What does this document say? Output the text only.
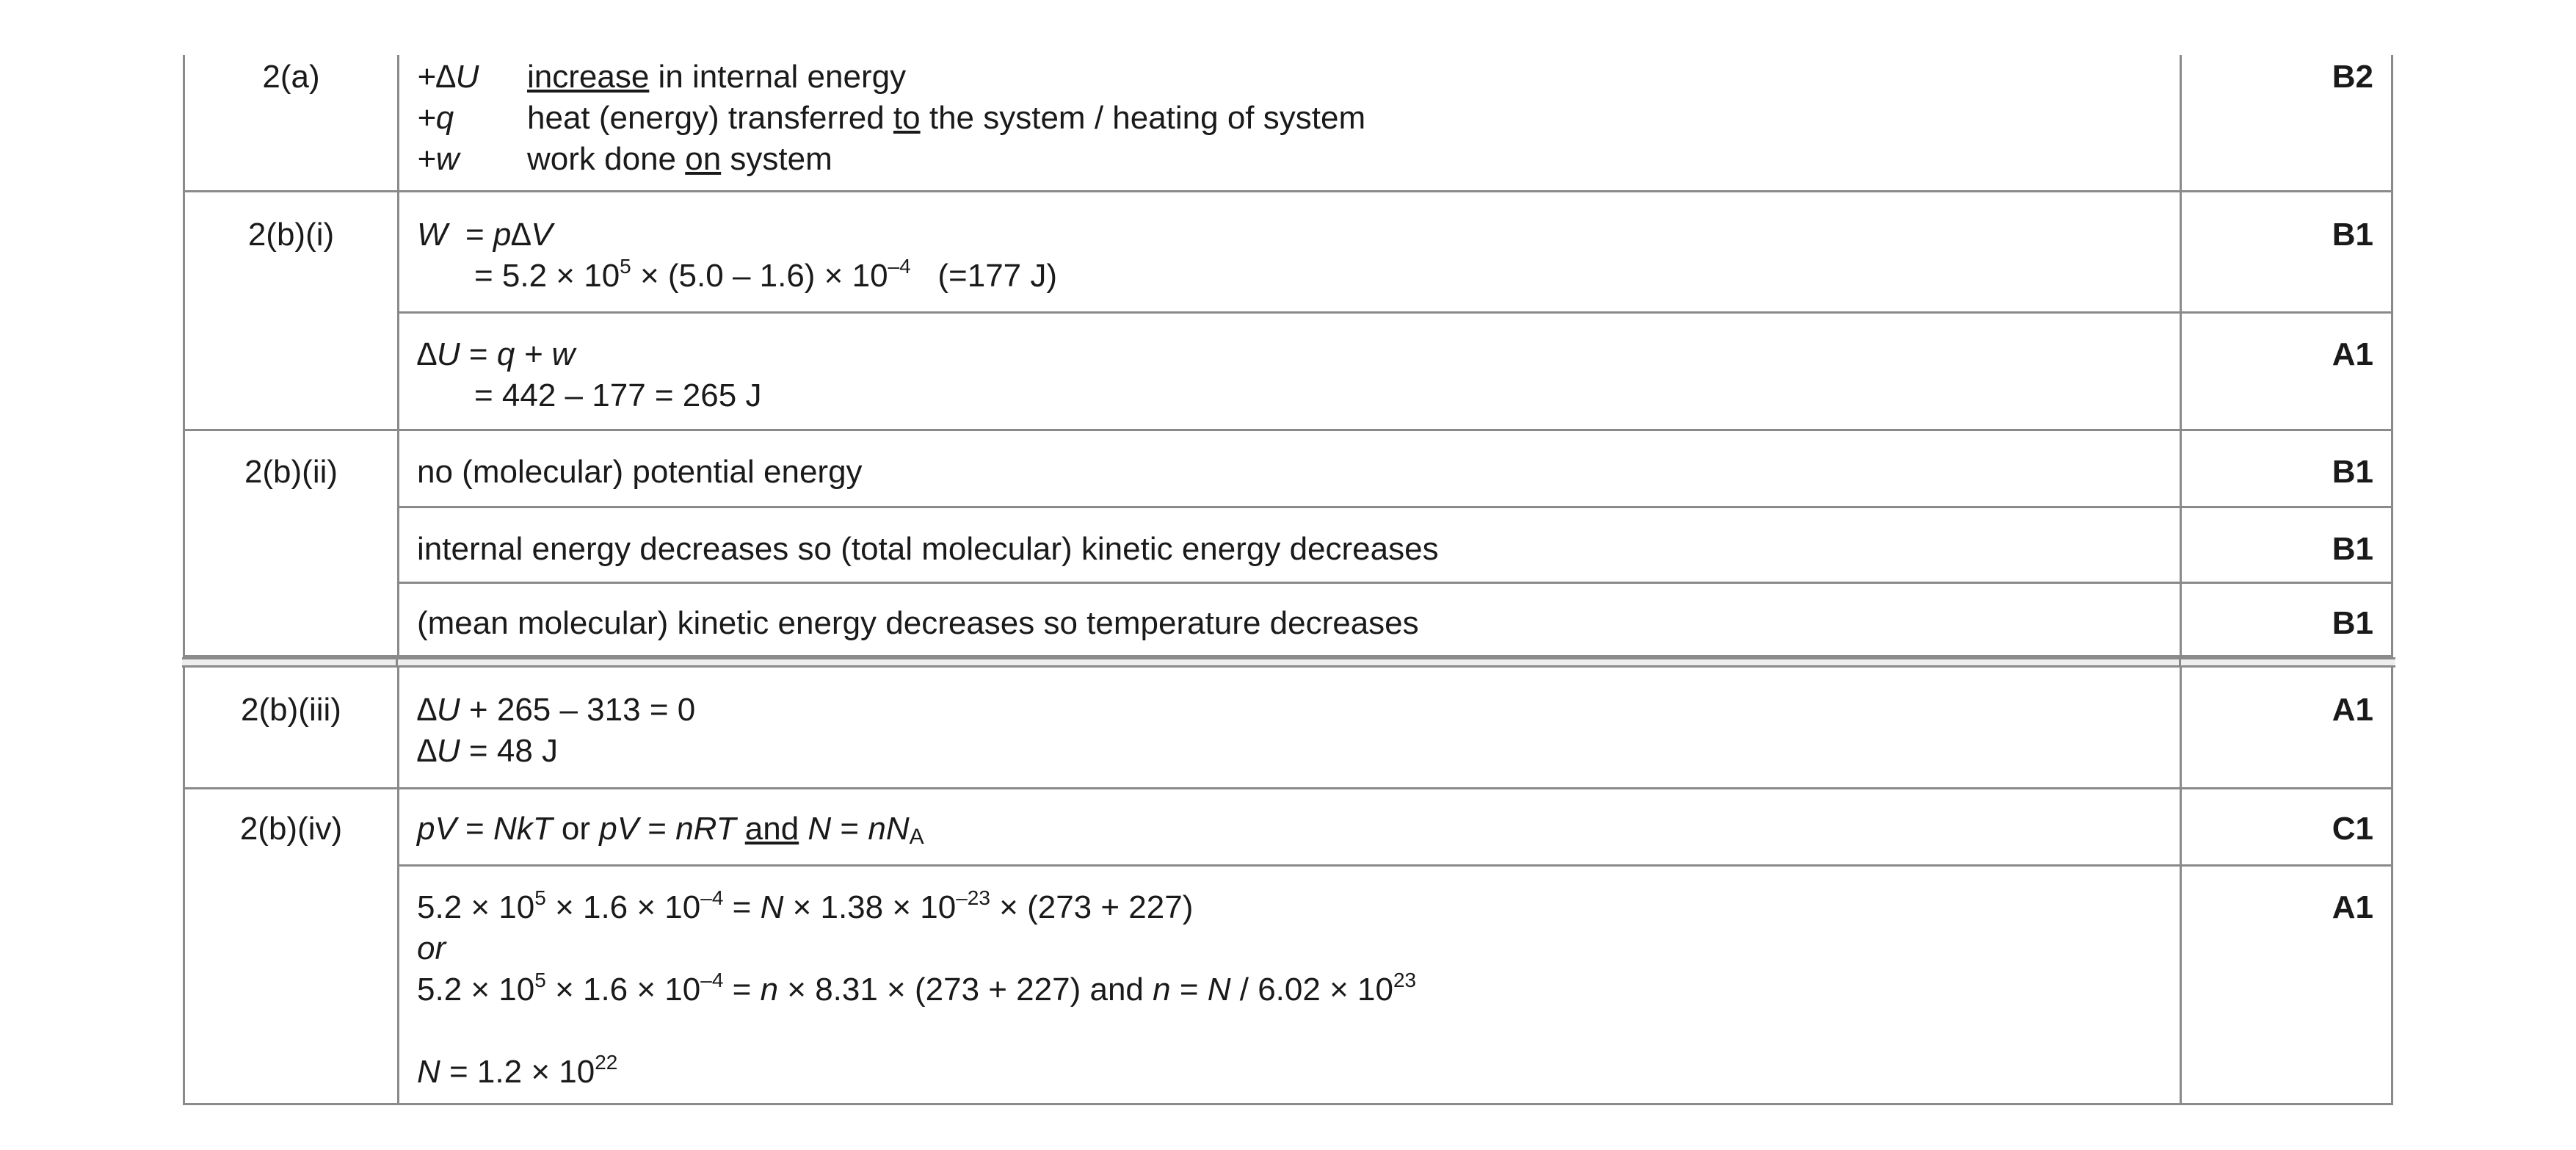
2(a)	+∆U increase in internal energy
+q heat (energy) transferred to the system / heating of system
+w work done on system
B2
2(b)(i)	W  = p∆V
= $5.2 \times 10^5 \times (5.0 - 1.6) \times 10^{-4}$   (=177 J)
B1
∆U = q + w
= 442 – 177 = 265 J
A1
2(b)(ii)	no (molecular) potential energy	B1
internal energy decreases so (total molecular) kinetic energy decreases	B1
(mean molecular) kinetic energy decreases so temperature decreases	B1
2(b)(iii)	∆U + 265 – 313 = 0
∆U = 48 J
A1
2(b)(iv)	pV = NkT or pV = nRT and $N = nN_A$	C1
$5.2 \times 10^5 \times 1.6 \times 10^{-4} = N \times 1.38 \times 10^{-23} \times (273 + 227)$
or
$5.2 \times 10^5 \times 1.6 \times 10^{-4} = n \times 8.31 \times (273 + 227)$ and $n = N / 6.02 \times 10^{23}$
$N = 1.2 \times 10^{22}$
A1
